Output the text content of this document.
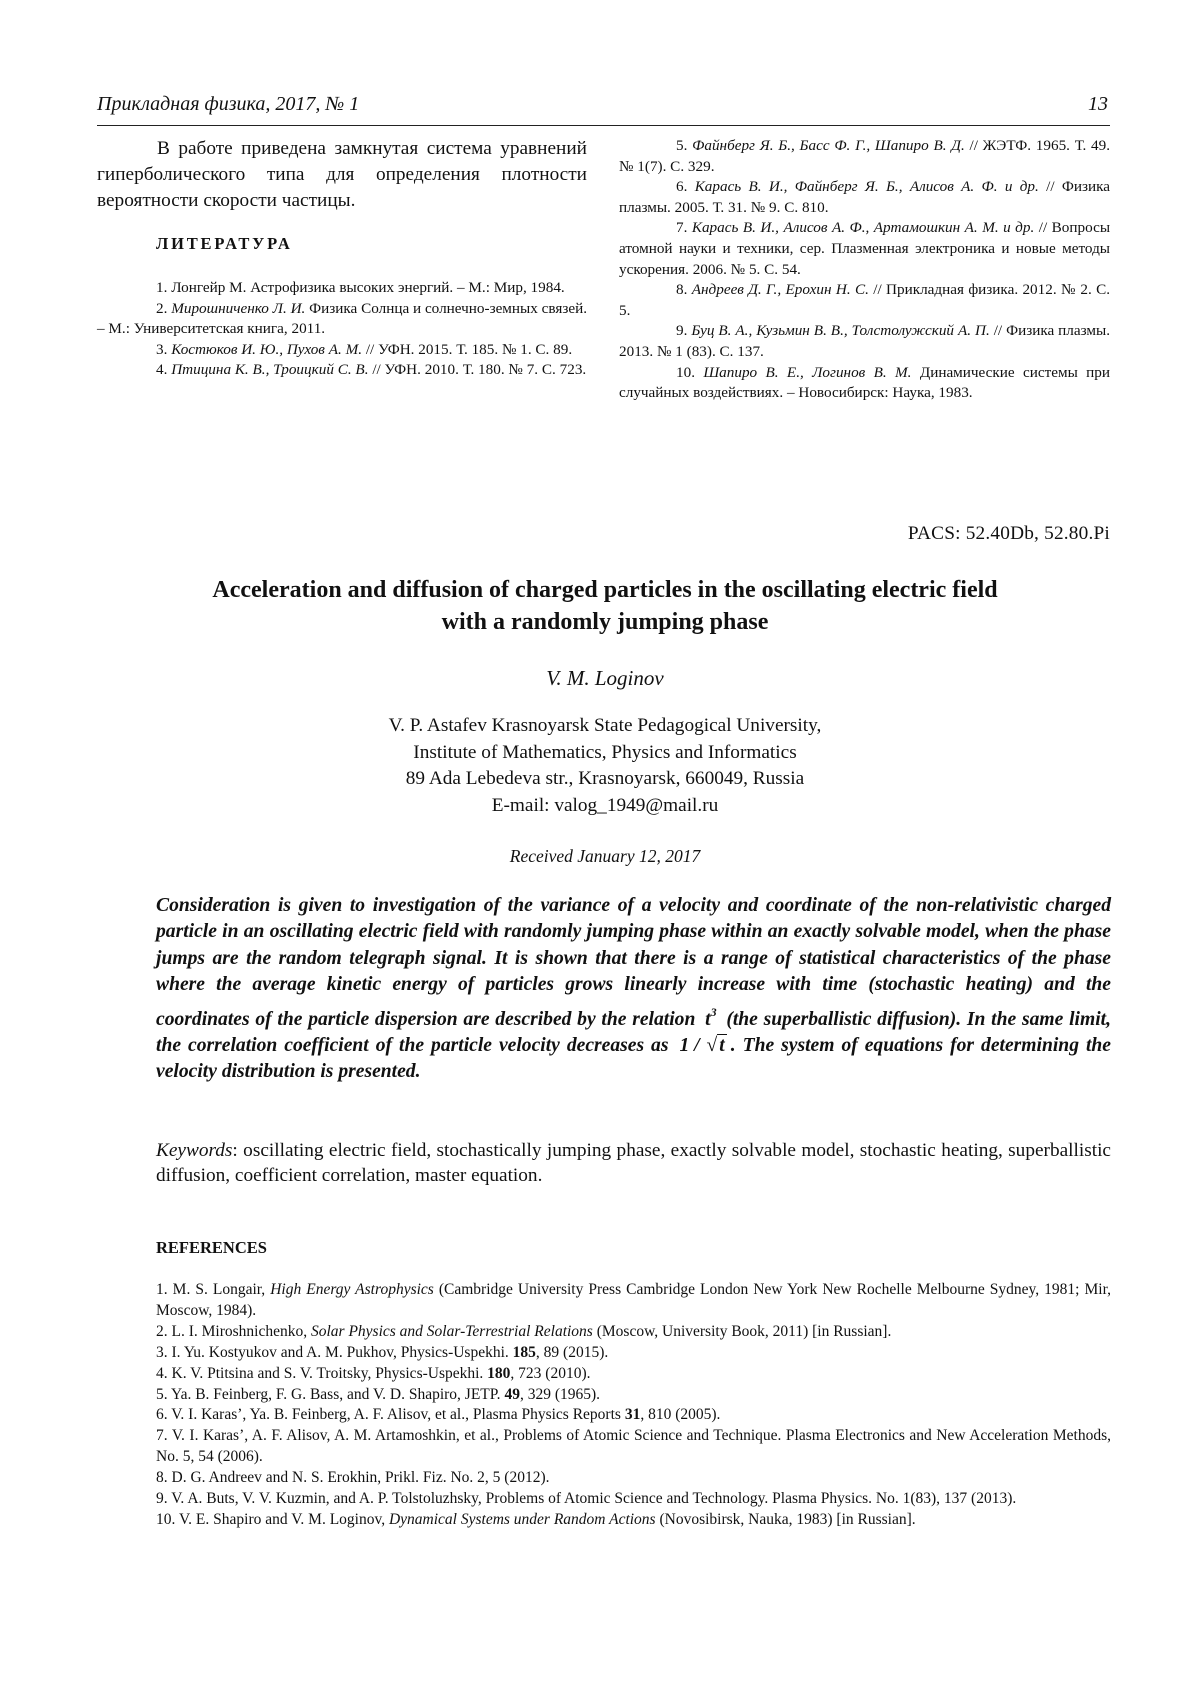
Прикладная физика, 2017, № 1	13

В работе приведена замкнутая система уравнений гиперболического типа для определения плотности вероятности скорости частицы.

ЛИТЕРАТУРА
1. Лонгейр М. Астрофизика высоких энергий. – М.: Мир, 1984.
2. Мирошниченко Л. И. Физика Солнца и солнечно-земных связей. – М.: Университетская книга, 2011.
3. Костюков И. Ю., Пухов А. М. // УФН. 2015. Т. 185. № 1. С. 89.
4. Птицина К. В., Троицкий С. В. // УФН. 2010. Т. 180. № 7. С. 723.
5. Файнберг Я. Б., Басс Ф. Г., Шапиро В. Д. // ЖЭТФ. 1965. Т. 49. № 1(7). С. 329.
6. Карась В. И., Файнберг Я. Б., Алисов А. Ф. и др. // Физика плазмы. 2005. Т. 31. № 9. С. 810.
7. Карась В. И., Алисов А. Ф., Артамошкин А. М. и др. // Вопросы атомной науки и техники, сер. Плазменная электроника и новые методы ускорения. 2006. № 5. С. 54.
8. Андреев Д. Г., Ерохин Н. С. // Прикладная физика. 2012. № 2. С. 5.
9. Буц В. А., Кузьмин В. В., Толстолужский А. П. // Физика плазмы. 2013. № 1 (83). С. 137.
10. Шапиро В. Е., Логинов В. М. Динамические системы при случайных воздействиях. – Новосибирск: Наука, 1983.
PACS: 52.40Db, 52.80.Pi
Acceleration and diffusion of charged particles in the oscillating electric field
with a randomly jumping phase
V. M. Loginov
V. P. Astafev Krasnoyarsk State Pedagogical University,
Institute of Mathematics, Physics and Informatics
89 Ada Lebedeva str., Krasnoyarsk, 660049, Russia
E-mail: valog_1949@mail.ru
Received January 12, 2017
Consideration is given to investigation of the variance of a velocity and coordinate of the non-relativistic charged particle in an oscillating electric field with randomly jumping phase within an exactly solvable model, when the phase jumps are the random telegraph signal. It is shown that there is a range of statistical characteristics of the phase where the average kinetic energy of particles grows linearly increase with time (stochastic heating) and the coordinates of the particle dispersion are described by the relation t3 (the superballistic diffusion). In the same limit, the correlation coefficient of the particle velocity decreases as 1 / √ t . The system of equations for determining the velocity distribution is presented.
Keywords: oscillating electric field, stochastically jumping phase, exactly solvable model, stochastic heating, superballistic diffusion, coefficient correlation, master equation.
REFERENCES
1. M. S. Longair, High Energy Astrophysics (Cambridge University Press Cambridge London New York New Rochelle Melbourne Sydney, 1981; Mir, Moscow, 1984).
2. L. I. Miroshnichenko, Solar Physics and Solar-Terrestrial Relations (Moscow, University Book, 2011) [in Russian].
3. I. Yu. Kostyukov and A. M. Pukhov, Physics-Uspekhi. 185, 89 (2015).
4. K. V. Ptitsina and S. V. Troitsky, Physics-Uspekhi. 180, 723 (2010).
5. Ya. B. Feinberg, F. G. Bass, and V. D. Shapiro, JETP. 49, 329 (1965).
6. V. I. Karas’, Ya. B. Feinberg, A. F. Alisov, et al., Plasma Physics Reports 31, 810 (2005).
7. V. I. Karas’, A. F. Alisov, A. M. Artamoshkin, et al., Problems of Atomic Science and Technique. Plasma Electronics and New Acceleration Methods, No. 5, 54 (2006).
8. D. G. Andreev and N. S. Erokhin, Prikl. Fiz. No. 2, 5 (2012).
9. V. A. Buts, V. V. Kuzmin, and A. P. Tolstoluzhsky, Problems of Atomic Science and Technology. Plasma Physics. No. 1(83), 137 (2013).
10. V. E. Shapiro and V. M. Loginov, Dynamical Systems under Random Actions (Novosibirsk, Nauka, 1983) [in Russian].
